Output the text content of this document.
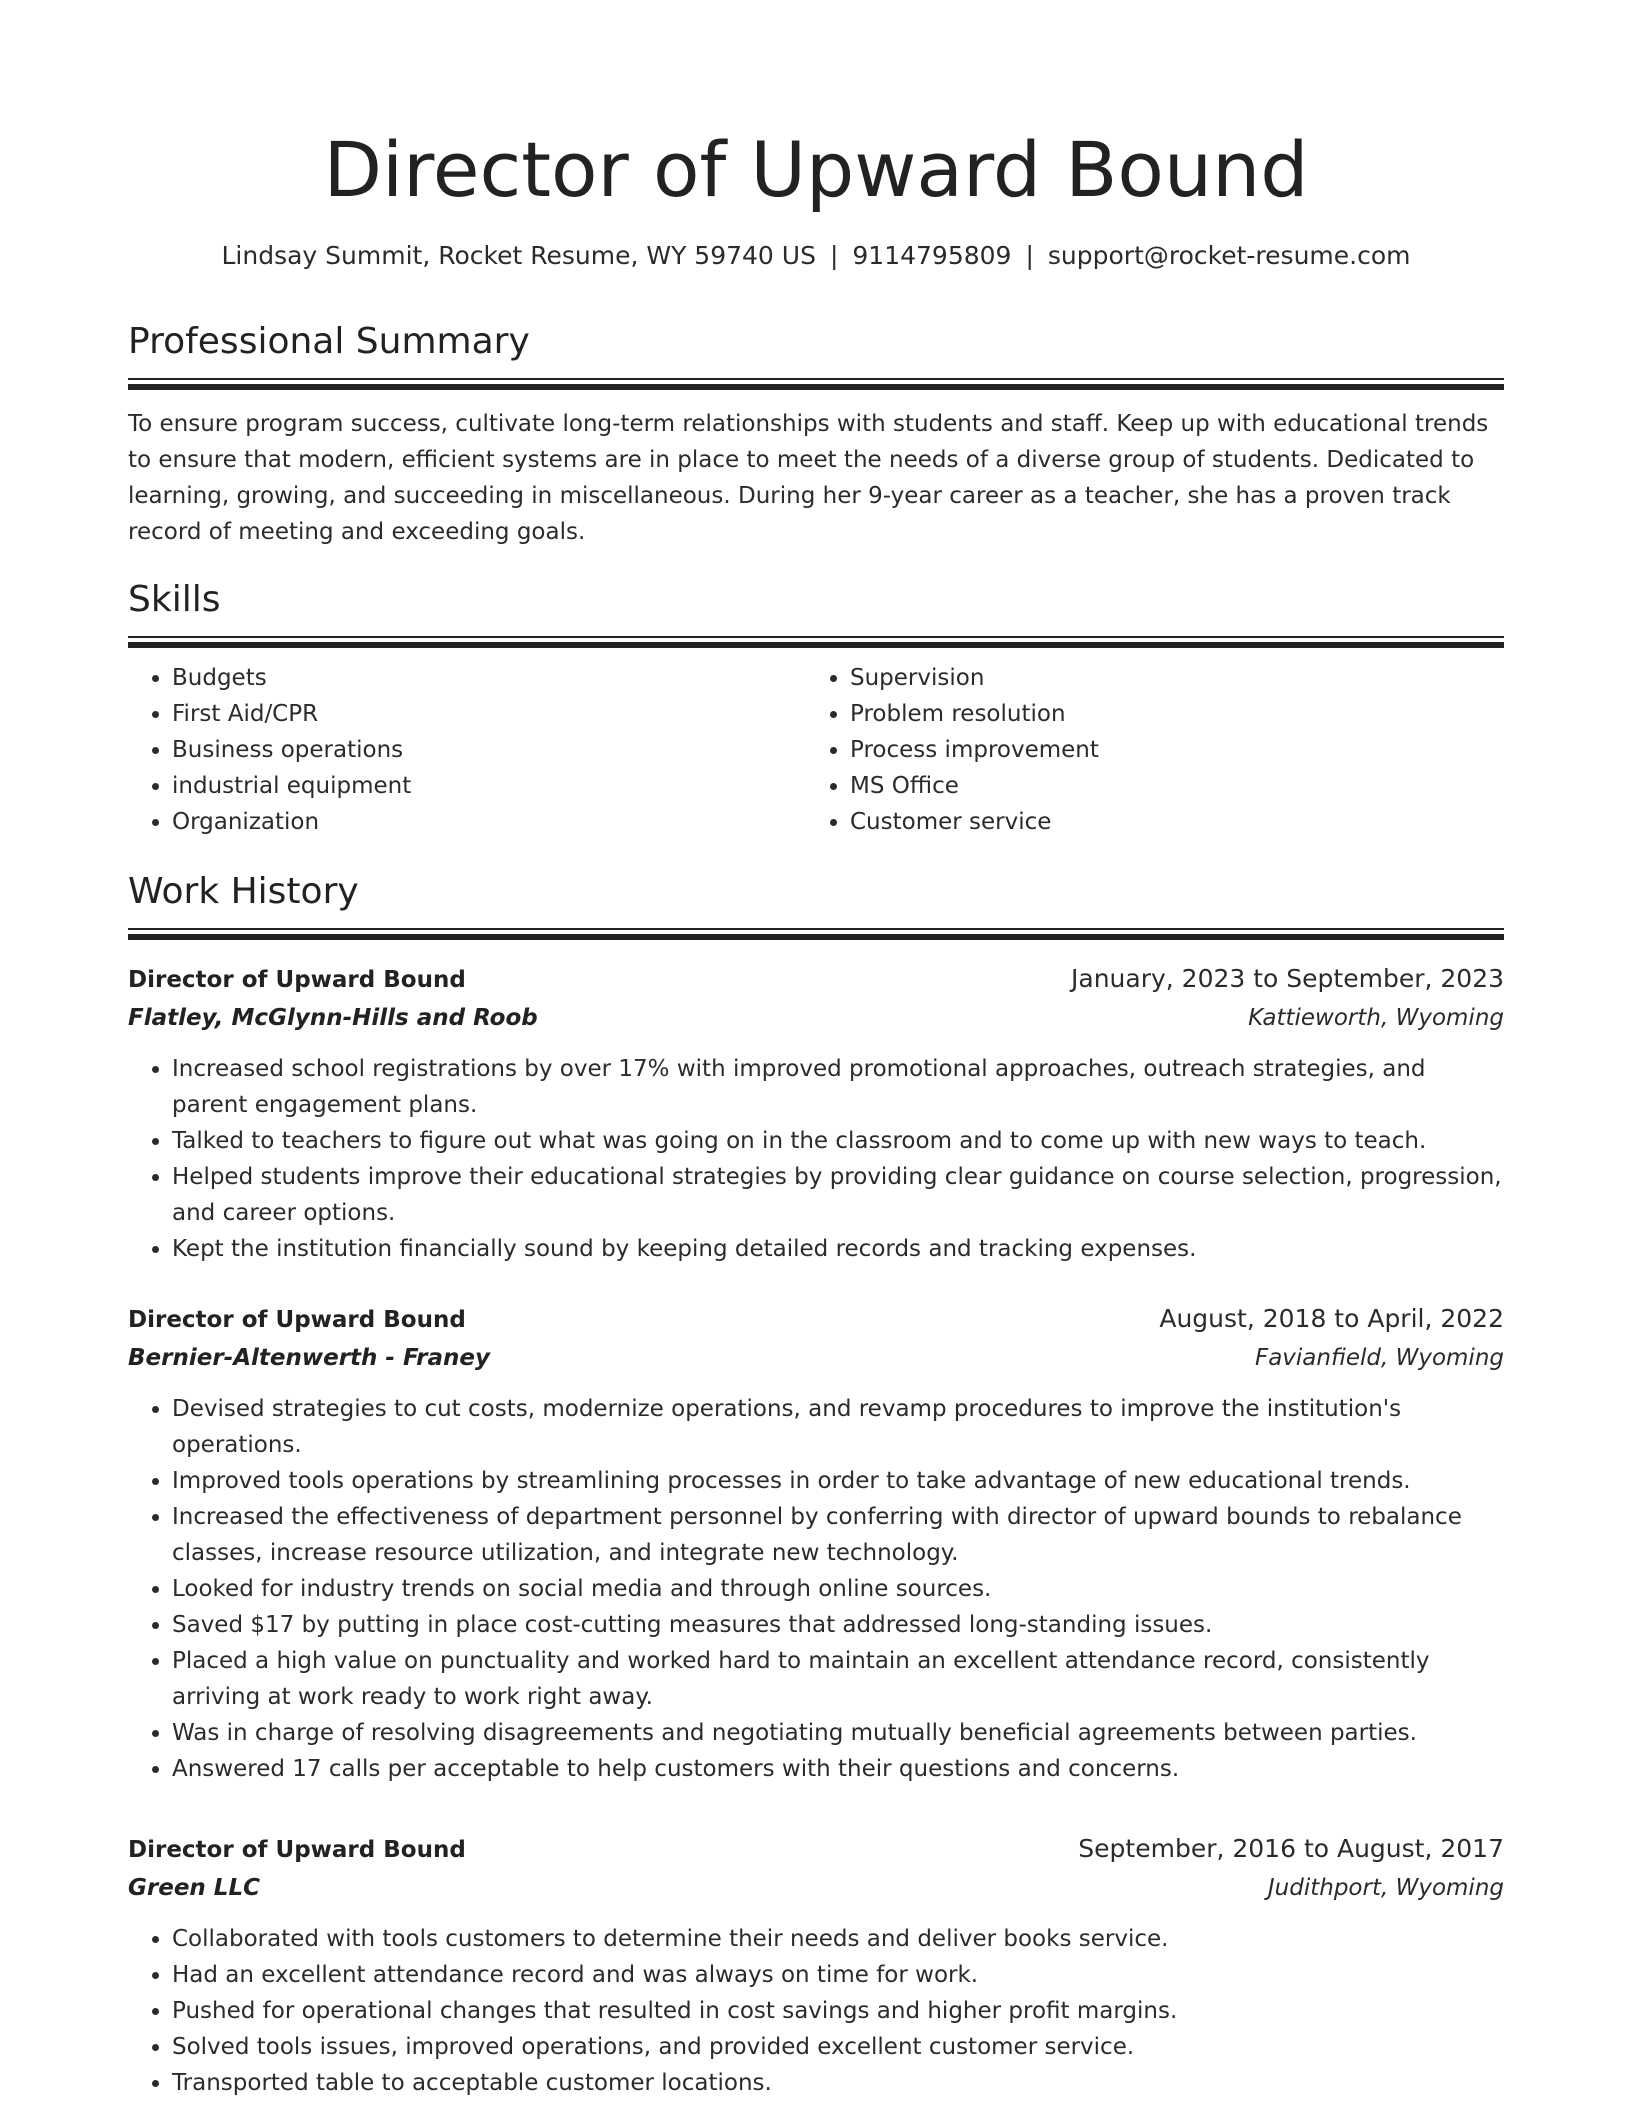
Director of Upward Bound
Lindsay Summit, Rocket Resume, WY 59740 US | 9114795809 | support@rocket-resume.com
Professional Summary
To ensure program success, cultivate long-term relationships with students and staff. Keep up with educational trends to ensure that modern, efficient systems are in place to meet the needs of a diverse group of students. Dedicated to learning, growing, and succeeding in miscellaneous. During her 9-year career as a teacher, she has a proven track record of meeting and exceeding goals.
Skills
• Budgets
• First Aid/CPR
• Business operations
• industrial equipment
• Organization
• Supervision
• Problem resolution
• Process improvement
• MS Office
• Customer service
Work History
Director of Upward Bound	January, 2023 to September, 2023
Flatley, McGlynn-Hills and Roob	Kattieworth, Wyoming
• Increased school registrations by over 17% with improved promotional approaches, outreach strategies, and parent engagement plans.
• Talked to teachers to figure out what was going on in the classroom and to come up with new ways to teach.
• Helped students improve their educational strategies by providing clear guidance on course selection, progression, and career options.
• Kept the institution financially sound by keeping detailed records and tracking expenses.
Director of Upward Bound	August, 2018 to April, 2022
Bernier-Altenwerth - Franey	Favianfield, Wyoming
• Devised strategies to cut costs, modernize operations, and revamp procedures to improve the institution's operations.
• Improved tools operations by streamlining processes in order to take advantage of new educational trends.
• Increased the effectiveness of department personnel by conferring with director of upward bounds to rebalance classes, increase resource utilization, and integrate new technology.
• Looked for industry trends on social media and through online sources.
• Saved $17 by putting in place cost-cutting measures that addressed long-standing issues.
• Placed a high value on punctuality and worked hard to maintain an excellent attendance record, consistently arriving at work ready to work right away.
• Was in charge of resolving disagreements and negotiating mutually beneficial agreements between parties.
• Answered 17 calls per acceptable to help customers with their questions and concerns.
Director of Upward Bound	September, 2016 to August, 2017
Green LLC	Judithport, Wyoming
• Collaborated with tools customers to determine their needs and deliver books service.
• Had an excellent attendance record and was always on time for work.
• Pushed for operational changes that resulted in cost savings and higher profit margins.
• Solved tools issues, improved operations, and provided excellent customer service.
• Transported table to acceptable customer locations.
